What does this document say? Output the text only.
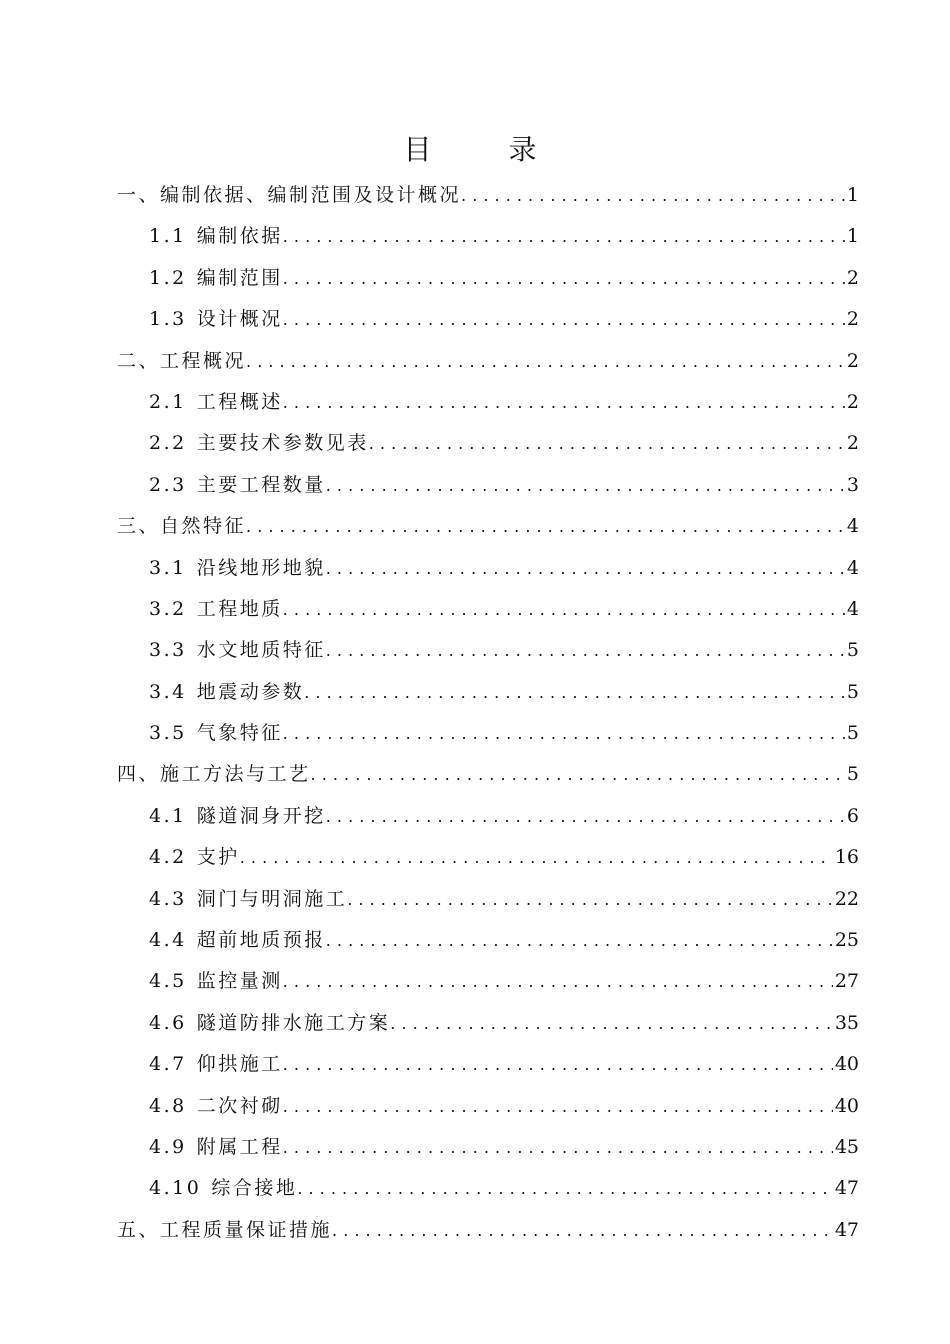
目 录
一、编制依据、编制范围及设计概况 . . .	1
1.1 编制依据 . . .	1
1.2 编制范围 . . .	2
1.3 设计概况 . . .	2
二、工程概况 . . .	2
2.1 工程概述 . . .	2
2.2 主要技术参数见表 . . .	2
2.3 主要工程数量 . . .	3
三、自然特征 . . .	4
3.1 沿线地形地貌 . . .	4
3.2 工程地质 . . .	4
3.3 水文地质特征 . . .	5
3.4 地震动参数 . . .	5
3.5 气象特征 . . .	5
四、施工方法与工艺 . . .	5
4.1 隧道洞身开挖 . . .	6
4.2 支护 . . .	16
4.3 洞门与明洞施工 . . .	22
4.4 超前地质预报 . . .	25
4.5 监控量测 . . .	27
4.6 隧道防排水施工方案 . . .	35
4.7 仰拱施工 . . .	40
4.8 二次衬砌 . . .	40
4.9 附属工程 . . .	45
4.10 综合接地 . . .	47
五、工程质量保证措施 . . .	47
